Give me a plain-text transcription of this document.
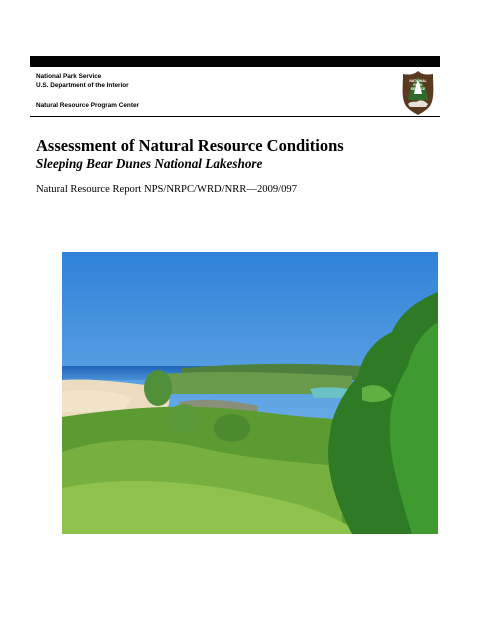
National Park Service
U.S. Department of the Interior
Natural Resource Program Center
NATIONAL
PARK
SERVICE
Assessment of Natural Resource Conditions
Sleeping Bear Dunes National Lakeshore
Natural Resource Report NPS/NRPC/WRD/NRR—2009/097
